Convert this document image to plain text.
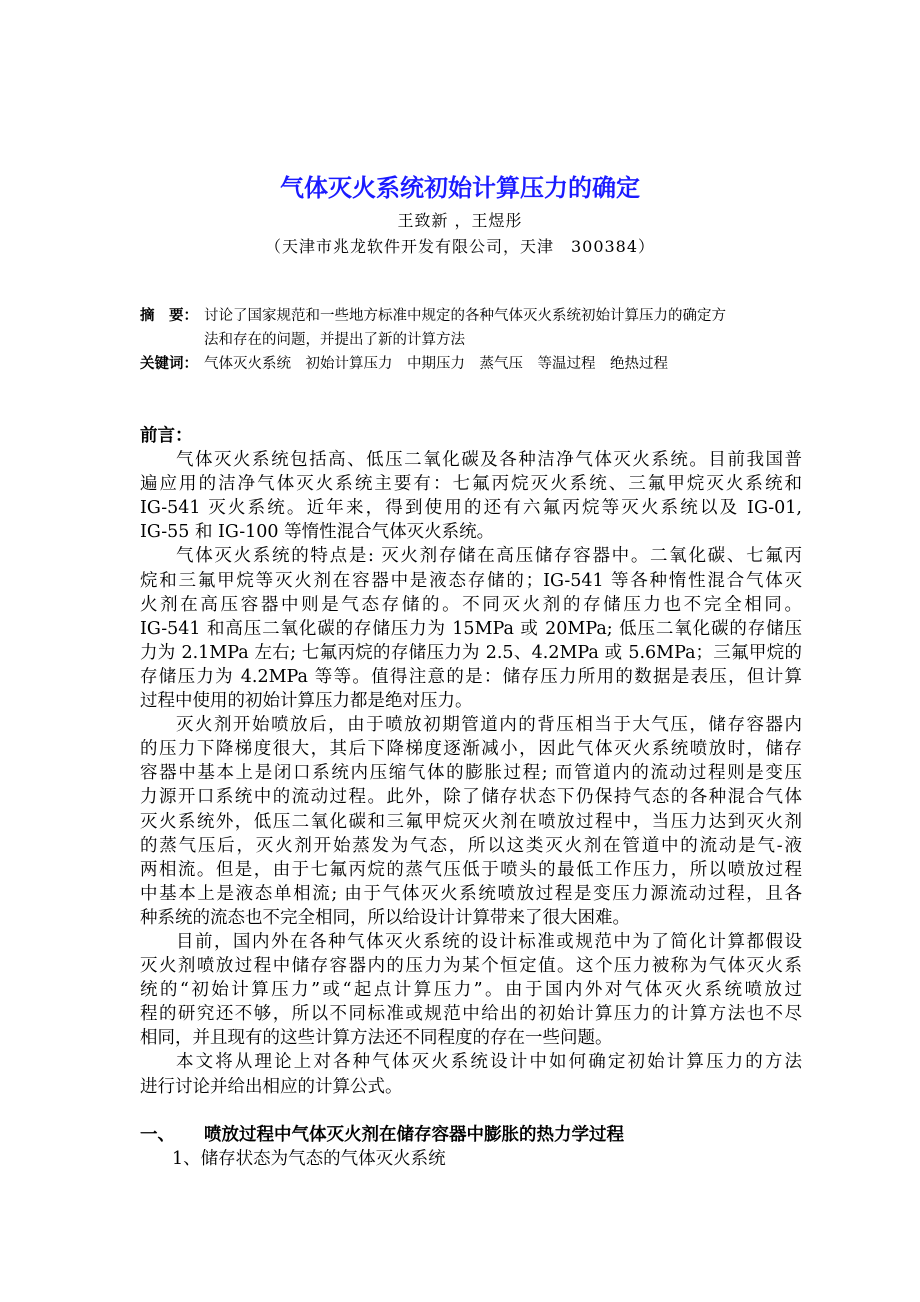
气体灭火系统初始计算压力的确定
王致新 ，王煜彤
（天津市兆龙软件开发有限公司，天津　300384）
摘　要： 讨论了国家规范和一些地方标准中规定的各种气体灭火系统初始计算压力的确定方
法和存在的问题，并提出了新的计算方法
关键词： 气体灭火系统　初始计算压力　中期压力　蒸气压　等温过程　绝热过程
前言：
气体灭火系统包括高、低压二氧化碳及各种洁净气体灭火系统。目前我国普
遍应用的洁净气体灭火系统主要有：七氟丙烷灭火系统、三氟甲烷灭火系统和
IG-541 灭火系统。近年来，得到使用的还有六氟丙烷等灭火系统以及 IG-01,
IG-55 和 IG-100 等惰性混合气体灭火系统。
气体灭火系统的特点是: 灭火剂存储在高压储存容器中。二氧化碳、七氟丙
烷和三氟甲烷等灭火剂在容器中是液态存储的；IG-541 等各种惰性混合气体灭
火剂在高压容器中则是气态存储的。不同灭火剂的存储压力也不完全相同。
IG-541 和高压二氧化碳的存储压力为 15MPa 或 20MPa; 低压二氧化碳的存储压
力为 2.1MPa 左右; 七氟丙烷的存储压力为 2.5、4.2MPa 或 5.6MPa；三氟甲烷的
存储压力为 4.2MPa 等等。值得注意的是：储存压力所用的数据是表压，但计算
过程中使用的初始计算压力都是绝对压力。
灭火剂开始喷放后，由于喷放初期管道内的背压相当于大气压，储存容器内
的压力下降梯度很大，其后下降梯度逐渐减小，因此气体灭火系统喷放时，储存
容器中基本上是闭口系统内压缩气体的膨胀过程; 而管道内的流动过程则是变压
力源开口系统中的流动过程。此外，除了储存状态下仍保持气态的各种混合气体
灭火系统外，低压二氧化碳和三氟甲烷灭火剂在喷放过程中，当压力达到灭火剂
的蒸气压后，灭火剂开始蒸发为气态，所以这类灭火剂在管道中的流动是气-液
两相流。但是，由于七氟丙烷的蒸气压低于喷头的最低工作压力，所以喷放过程
中基本上是液态单相流; 由于气体灭火系统喷放过程是变压力源流动过程，且各
种系统的流态也不完全相同，所以给设计计算带来了很大困难。
目前，国内外在各种气体灭火系统的设计标准或规范中为了简化计算都假设
灭火剂喷放过程中储存容器内的压力为某个恒定值。这个压力被称为气体灭火系
统的“初始计算压力”或“起点计算压力”。由于国内外对气体灭火系统喷放过
程的研究还不够，所以不同标准或规范中给出的初始计算压力的计算方法也不尽
相同，并且现有的这些计算方法还不同程度的存在一些问题。
本文将从理论上对各种气体灭火系统设计中如何确定初始计算压力的方法
进行讨论并给出相应的计算公式。
一、 喷放过程中气体灭火剂在储存容器中膨胀的热力学过程
1、储存状态为气态的气体灭火系统
